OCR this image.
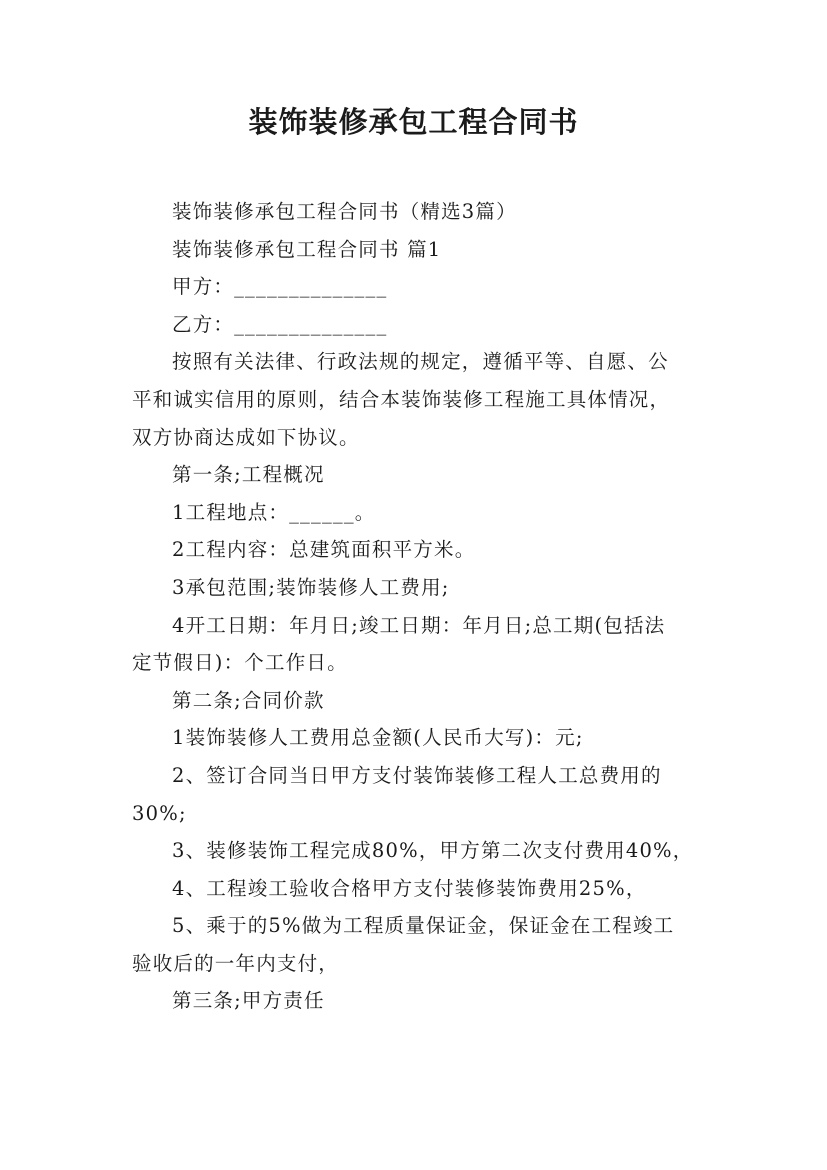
装饰装修承包工程合同书
装饰装修承包工程合同书（精选3篇）
装饰装修承包工程合同书 篇1
甲方：______________
乙方：______________
按照有关法律、行政法规的规定，遵循平等、自愿、公
平和诚实信用的原则，结合本装饰装修工程施工具体情况，
双方协商达成如下协议。
第一条;工程概况
1工程地点：______。
2工程内容：总建筑面积平方米。
3承包范围;装饰装修人工费用;
4开工日期：年月日;竣工日期：年月日;总工期(包括法
定节假日)：个工作日。
第二条;合同价款
1装饰装修人工费用总金额(人民币大写)：元;
2、签订合同当日甲方支付装饰装修工程人工总费用的
30%;
3、装修装饰工程完成80%，甲方第二次支付费用40%，
4、工程竣工验收合格甲方支付装修装饰费用25%，
5、乘于的5%做为工程质量保证金，保证金在工程竣工
验收后的一年内支付，
第三条;甲方责任
